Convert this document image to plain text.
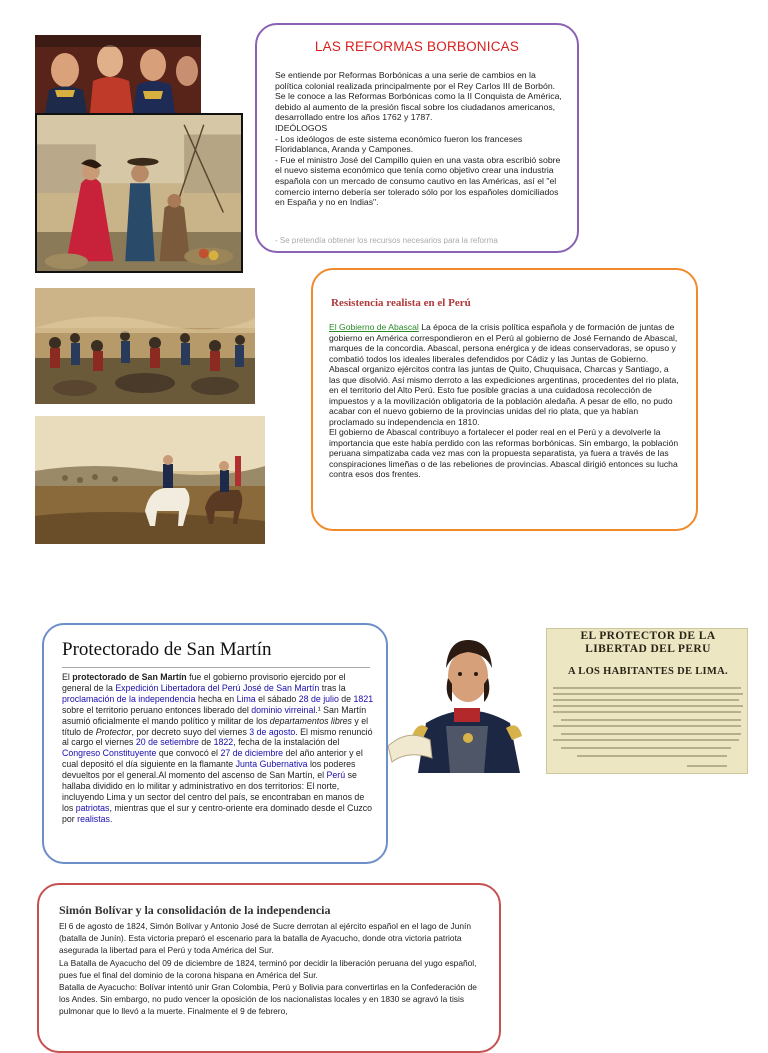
LAS REFORMAS BORBONICAS

Se entiende por Reformas Borbónicas a una serie de cambios en la política colonial realizada principalmente por el Rey Carlos III de Borbón.

Se le conoce a las Reformas Borbónicas como la II Conquista de América, debido al aumento de la presión fiscal sobre los ciudadanos americanos, desarrollado entre los años 1762 y 1787.

IDEÓLOGOS

- Los ideólogos de este sistema económico fueron los franceses Floridablanca, Aranda y Campones.

- Fue el ministro José del Campillo quien en una vasta obra escribió sobre el nuevo sistema económico que tenía como objetivo crear una industria española con un mercado de consumo cautivo en las Américas, así el "el comercio interno debería ser tolerado sólo por los españoles domiciliados en España y no en Indias".

- Se pretendía obtener los recursos necesarios para la reforma
Resistencia realista en el Perú

El Gobierno de Abascal La época de la crisis política española y de formación de juntas de gobierno en América correspondieron en el Perú al gobierno de José Fernando de Abascal, marques de la concordia. Abascal, persona enérgica y de ideas conservadoras, se opuso y combatió todos los ideales liberales defendidos por Cádiz y las Juntas de Gobierno.

Abascal organizo ejércitos contra las juntas de Quito, Chuquisaca, Charcas y Santiago, a las que disolvió. Así mismo derroto a las expediciones argentinas, procedentes del rio plata, en el territorio del Alto Perú. Esto fue posible gracias a una cuidadosa recolección de impuestos y a la movilización obligatoria de la población aledaña. A pesar de ello, no pudo acabar con el nuevo gobierno de la provincias unidas del rio plata, que ya habían proclamado su independencia en 1810.

El gobierno de Abascal contribuyo a fortalecer el poder real en el Perú y a devolverle la importancia que este había perdido con las reformas borbónicas. Sin embargo, la población peruana simpatizaba cada vez mas con la propuesta separatista, ya fuera a través de las conspiraciones limeñas o de las rebeliones de provincias. Abascal dirigió entonces su lucha contra esos dos frentes.

Protectorado de San Martín

El protectorado de San Martín fue el gobierno provisorio ejercido por el general de la Expedición Libertadora del Perú José de San Martín tras la proclamación de la independencia hecha en Lima el sábado 28 de julio de 1821 sobre el territorio peruano entonces liberado del dominio virreinal.¹ San Martín asumió oficialmente el mando político y militar de los departamentos libres y el título de Protector, por decreto suyo del viernes 3 de agosto. El mismo renunció al cargo el viernes 20 de setiembre de 1822, fecha de la instalación del Congreso Constituyente que convocó el 27 de diciembre del año anterior y el cual depositó el día siguiente en la flamante Junta Gubernativa los poderes devueltos por el general.Al momento del ascenso de San Martín, el Perú se hallaba dividido en lo militar y administrativo en dos territorios: El norte, incluyendo Lima y un sector del centro del país, se encontraban en manos de los patriotas, mientras que el sur y centro-oriente era dominado desde el Cuzco por realistas.

EL PROTECTOR DE LA LIBERTAD DEL PERU
A LOS HABITANTES DE LIMA.
Simón Bolívar y la consolidación de la independencia

El 6 de agosto de 1824, Simón Bolívar y Antonio José de Sucre derrotan al ejército español en el lago de Junín (batalla de Junín). Esta victoria preparó el escenario para la batalla de Ayacucho, donde otra victoria patriota asegurada la libertad para el Perú y toda América del Sur.

La Batalla de Ayacucho del 09 de diciembre de 1824, terminó por decidir la liberación peruana del yugo español, pues fue el final del dominio de la corona hispana en América del Sur.

Batalla de Ayacucho: Bolívar intentó unir Gran Colombia, Perú y Bolivia para convertirlas en la Confederación de los Andes. Sin embargo, no pudo vencer la oposición de los nacionalistas locales y en 1830 se agravó la tisis pulmonar que lo llevó a la muerte. Finalmente el 9 de febrero,
